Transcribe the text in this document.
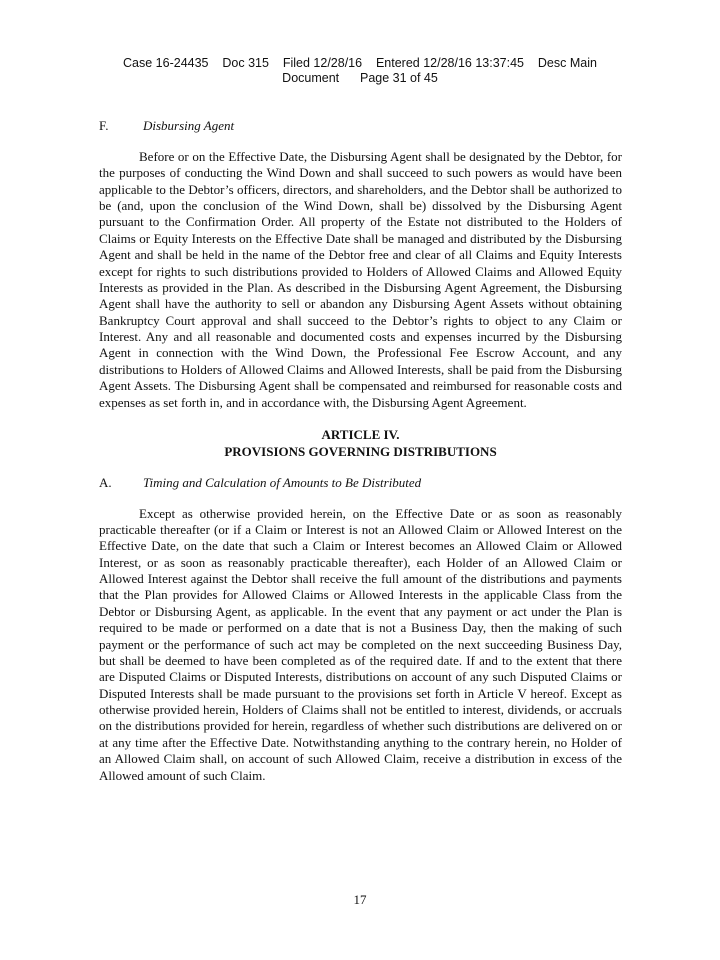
Case 16-24435    Doc 315    Filed 12/28/16    Entered 12/28/16 13:37:45    Desc Main
Document      Page 31 of 45
F.	Disbursing Agent

Before or on the Effective Date, the Disbursing Agent shall be designated by the Debtor, for the purposes of conducting the Wind Down and shall succeed to such powers as would have been applicable to the Debtor’s officers, directors, and shareholders, and the Debtor shall be authorized to be (and, upon the conclusion of the Wind Down, shall be) dissolved by the Disbursing Agent pursuant to the Confirmation Order. All property of the Estate not distributed to the Holders of Claims or Equity Interests on the Effective Date shall be managed and distributed by the Disbursing Agent and shall be held in the name of the Debtor free and clear of all Claims and Equity Interests except for rights to such distributions provided to Holders of Allowed Claims and Allowed Equity Interests as provided in the Plan. As described in the Disbursing Agent Agreement, the Disbursing Agent shall have the authority to sell or abandon any Disbursing Agent Assets without obtaining Bankruptcy Court approval and shall succeed to the Debtor’s rights to object to any Claim or Interest. Any and all reasonable and documented costs and expenses incurred by the Disbursing Agent in connection with the Wind Down, the Professional Fee Escrow Account, and any distributions to Holders of Allowed Claims and Allowed Interests, shall be paid from the Disbursing Agent Assets. The Disbursing Agent shall be compensated and reimbursed for reasonable costs and expenses as set forth in, and in accordance with, the Disbursing Agent Agreement.

ARTICLE IV.
PROVISIONS GOVERNING DISTRIBUTIONS
A.	Timing and Calculation of Amounts to Be Distributed

Except as otherwise provided herein, on the Effective Date or as soon as reasonably practicable thereafter (or if a Claim or Interest is not an Allowed Claim or Allowed Interest on the Effective Date, on the date that such a Claim or Interest becomes an Allowed Claim or Allowed Interest, or as soon as reasonably practicable thereafter), each Holder of an Allowed Claim or Allowed Interest against the Debtor shall receive the full amount of the distributions and payments that the Plan provides for Allowed Claims or Allowed Interests in the applicable Class from the Debtor or Disbursing Agent, as applicable. In the event that any payment or act under the Plan is required to be made or performed on a date that is not a Business Day, then the making of such payment or the performance of such act may be completed on the next succeeding Business Day, but shall be deemed to have been completed as of the required date. If and to the extent that there are Disputed Claims or Disputed Interests, distributions on account of any such Disputed Claims or Disputed Interests shall be made pursuant to the provisions set forth in Article V hereof. Except as otherwise provided herein, Holders of Claims shall not be entitled to interest, dividends, or accruals on the distributions provided for herein, regardless of whether such distributions are delivered on or at any time after the Effective Date. Notwithstanding anything to the contrary herein, no Holder of an Allowed Claim shall, on account of such Allowed Claim, receive a distribution in excess of the Allowed amount of such Claim.

17
